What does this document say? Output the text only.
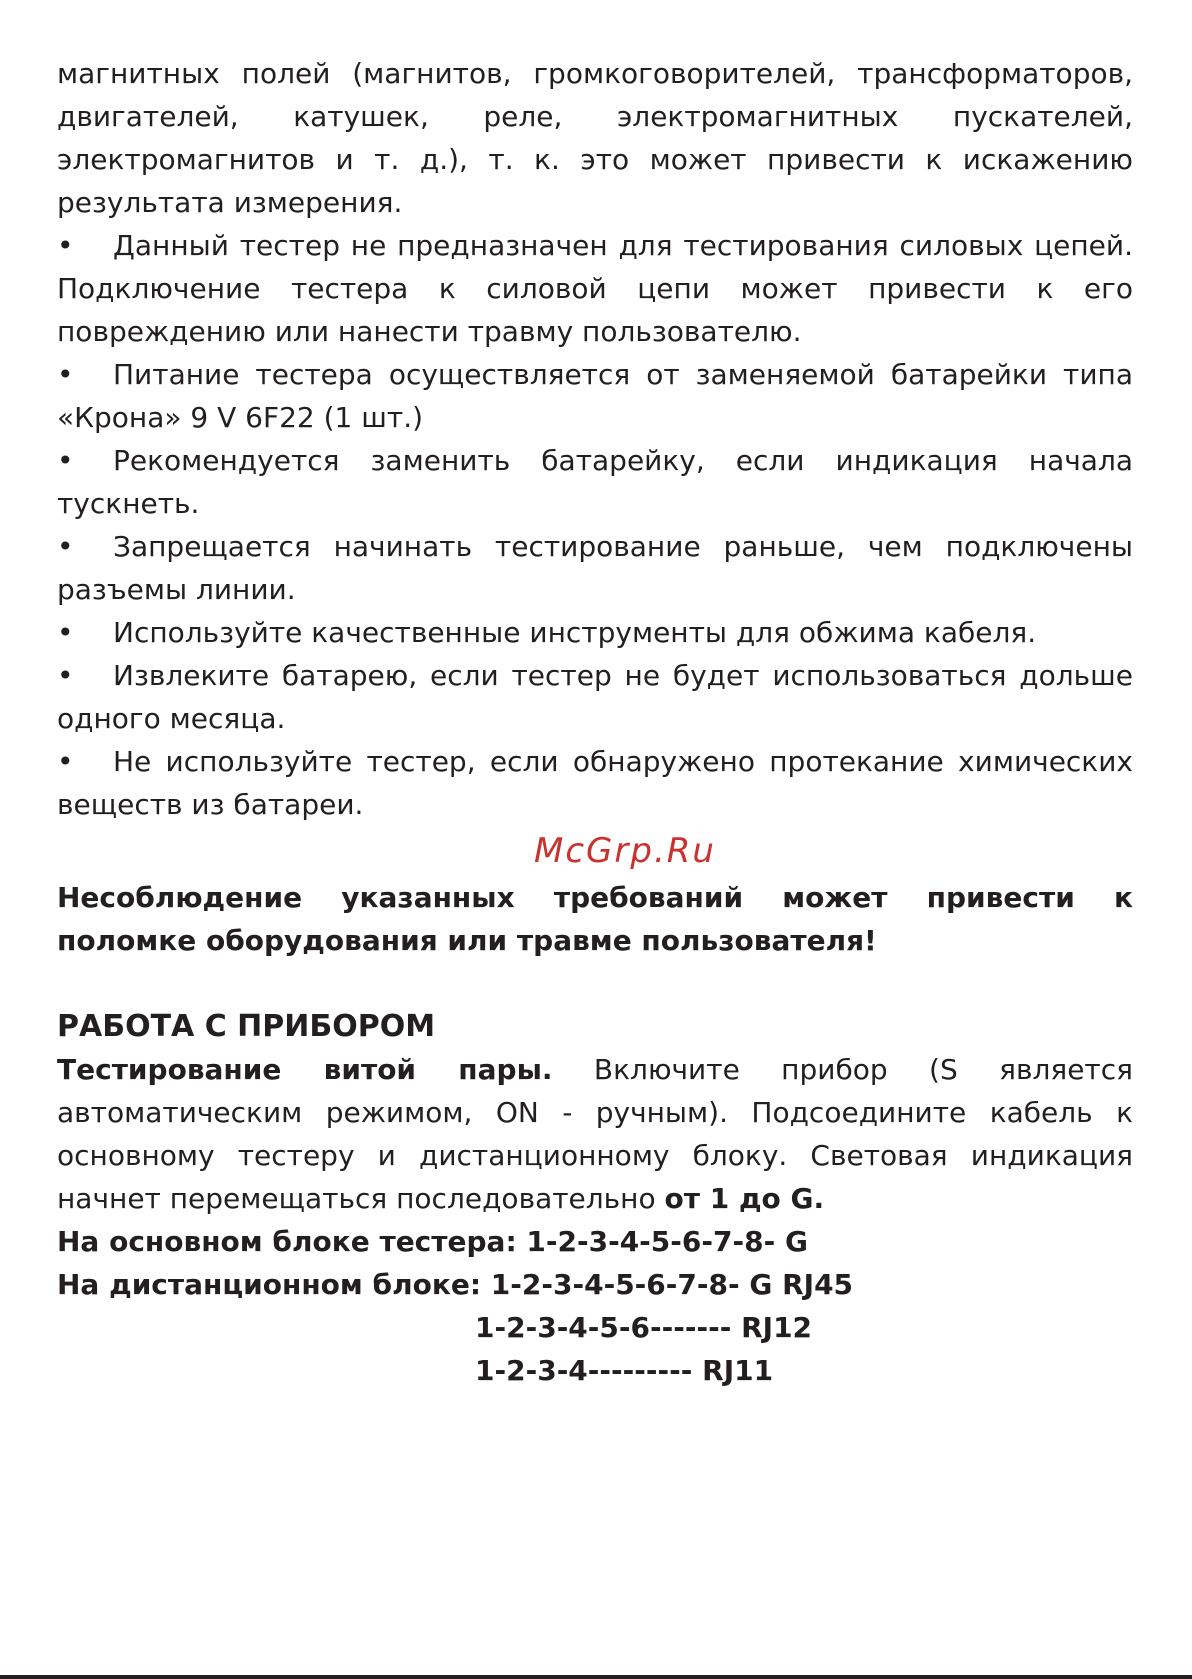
магнитных полей (магнитов, громкоговорителей, трансформаторов, двигателей, катушек, реле, электромагнитных пускателей, электромагнитов и т. д.), т. к. это может привести к искажению результата измерения.

• Данный тестер не предназначен для тестирования силовых цепей. Подключение тестера к силовой цепи может привести к его повреждению или нанести травму пользователю.

• Питание тестера осуществляется от заменяемой батарейки типа «Крона» 9 V 6F22 (1 шт.)

• Рекомендуется заменить батарейку, если индикация начала тускнеть.

• Запрещается начинать тестирование раньше, чем подключены разъемы линии.

• Используйте качественные инструменты для обжима кабеля.

• Извлеките батарею, если тестер не будет использоваться дольше одного месяца.

• Не используйте тестер, если обнаружено протекание химических веществ из батареи.

McGrp.Ru

Несоблюдение указанных требований может привести к поломке оборудования или травме пользователя!

РАБОТА С ПРИБОРОМ

Тестирование витой пары. Включите прибор (S является автоматическим режимом, ON - ручным). Подсоедините кабель к основному тестеру и дистанционному блоку. Световая индикация начнет перемещаться последовательно от 1 до G.

На основном блоке тестера: 1-2-3-4-5-6-7-8- G

На дистанционном блоке: 1-2-3-4-5-6-7-8- G RJ45

1-2-3-4-5-6------- RJ12

1-2-3-4--------- RJ11
